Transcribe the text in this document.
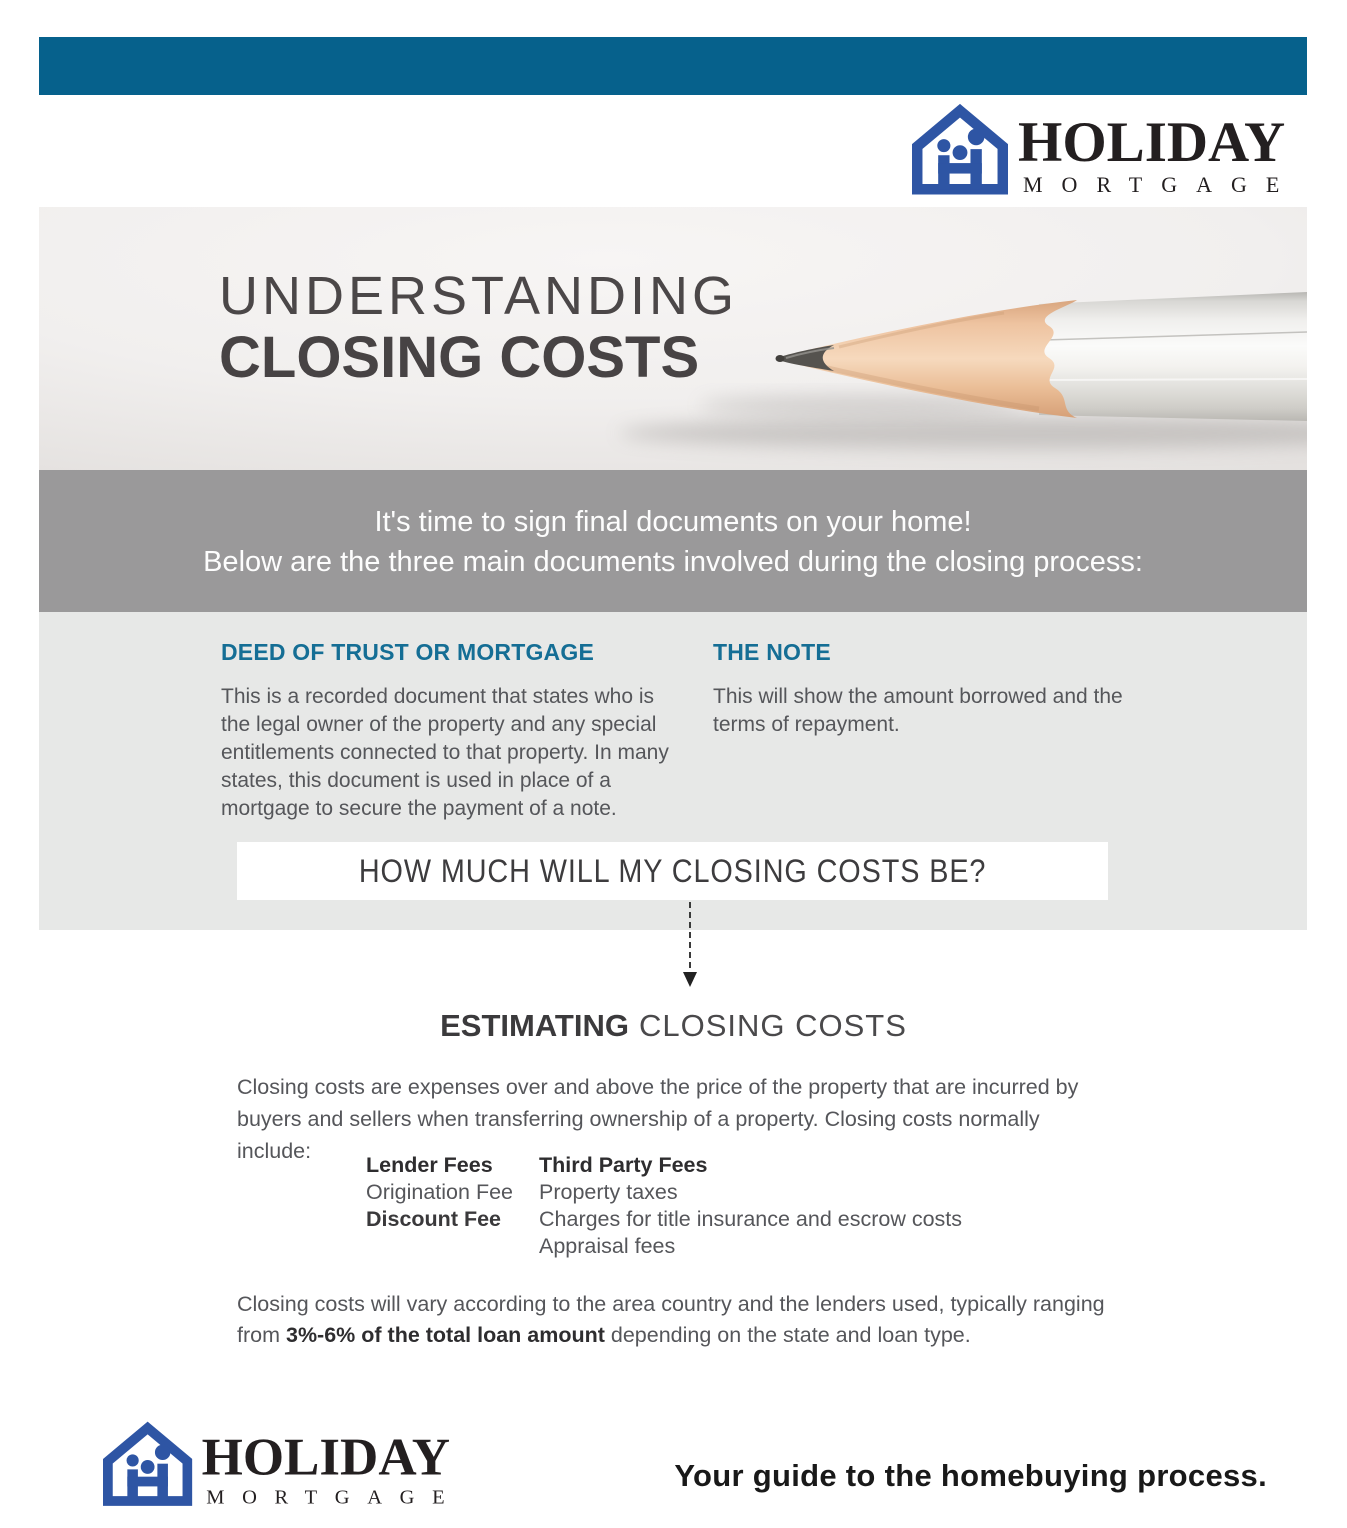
HOLIDAY
MORTGAGE
UNDERSTANDING
CLOSING COSTS
It's time to sign final documents on your home!
Below are the three main documents involved during the closing process:
DEED OF TRUST OR MORTGAGE
This is a recorded document that states who is the legal owner of the property and any special entitlements connected to that property. In many states, this document is used in place of a mortgage to secure the payment of a note.
THE NOTE
This will show the amount borrowed and the terms of repayment.
HOW MUCH WILL MY CLOSING COSTS BE?
ESTIMATING CLOSING COSTS
Closing costs are expenses over and above the price of the property that are incurred by buyers and sellers when transferring ownership of a property. Closing costs normally include:
Lender Fees
Origination Fee
Discount Fee
Third Party Fees
Property taxes
Charges for title insurance and escrow costs
Appraisal fees
Closing costs will vary according to the area country and the lenders used, typically ranging from 3%-6% of the total loan amount depending on the state and loan type.
HOLIDAY
MORTGAGE
Your guide to the homebuying process.
